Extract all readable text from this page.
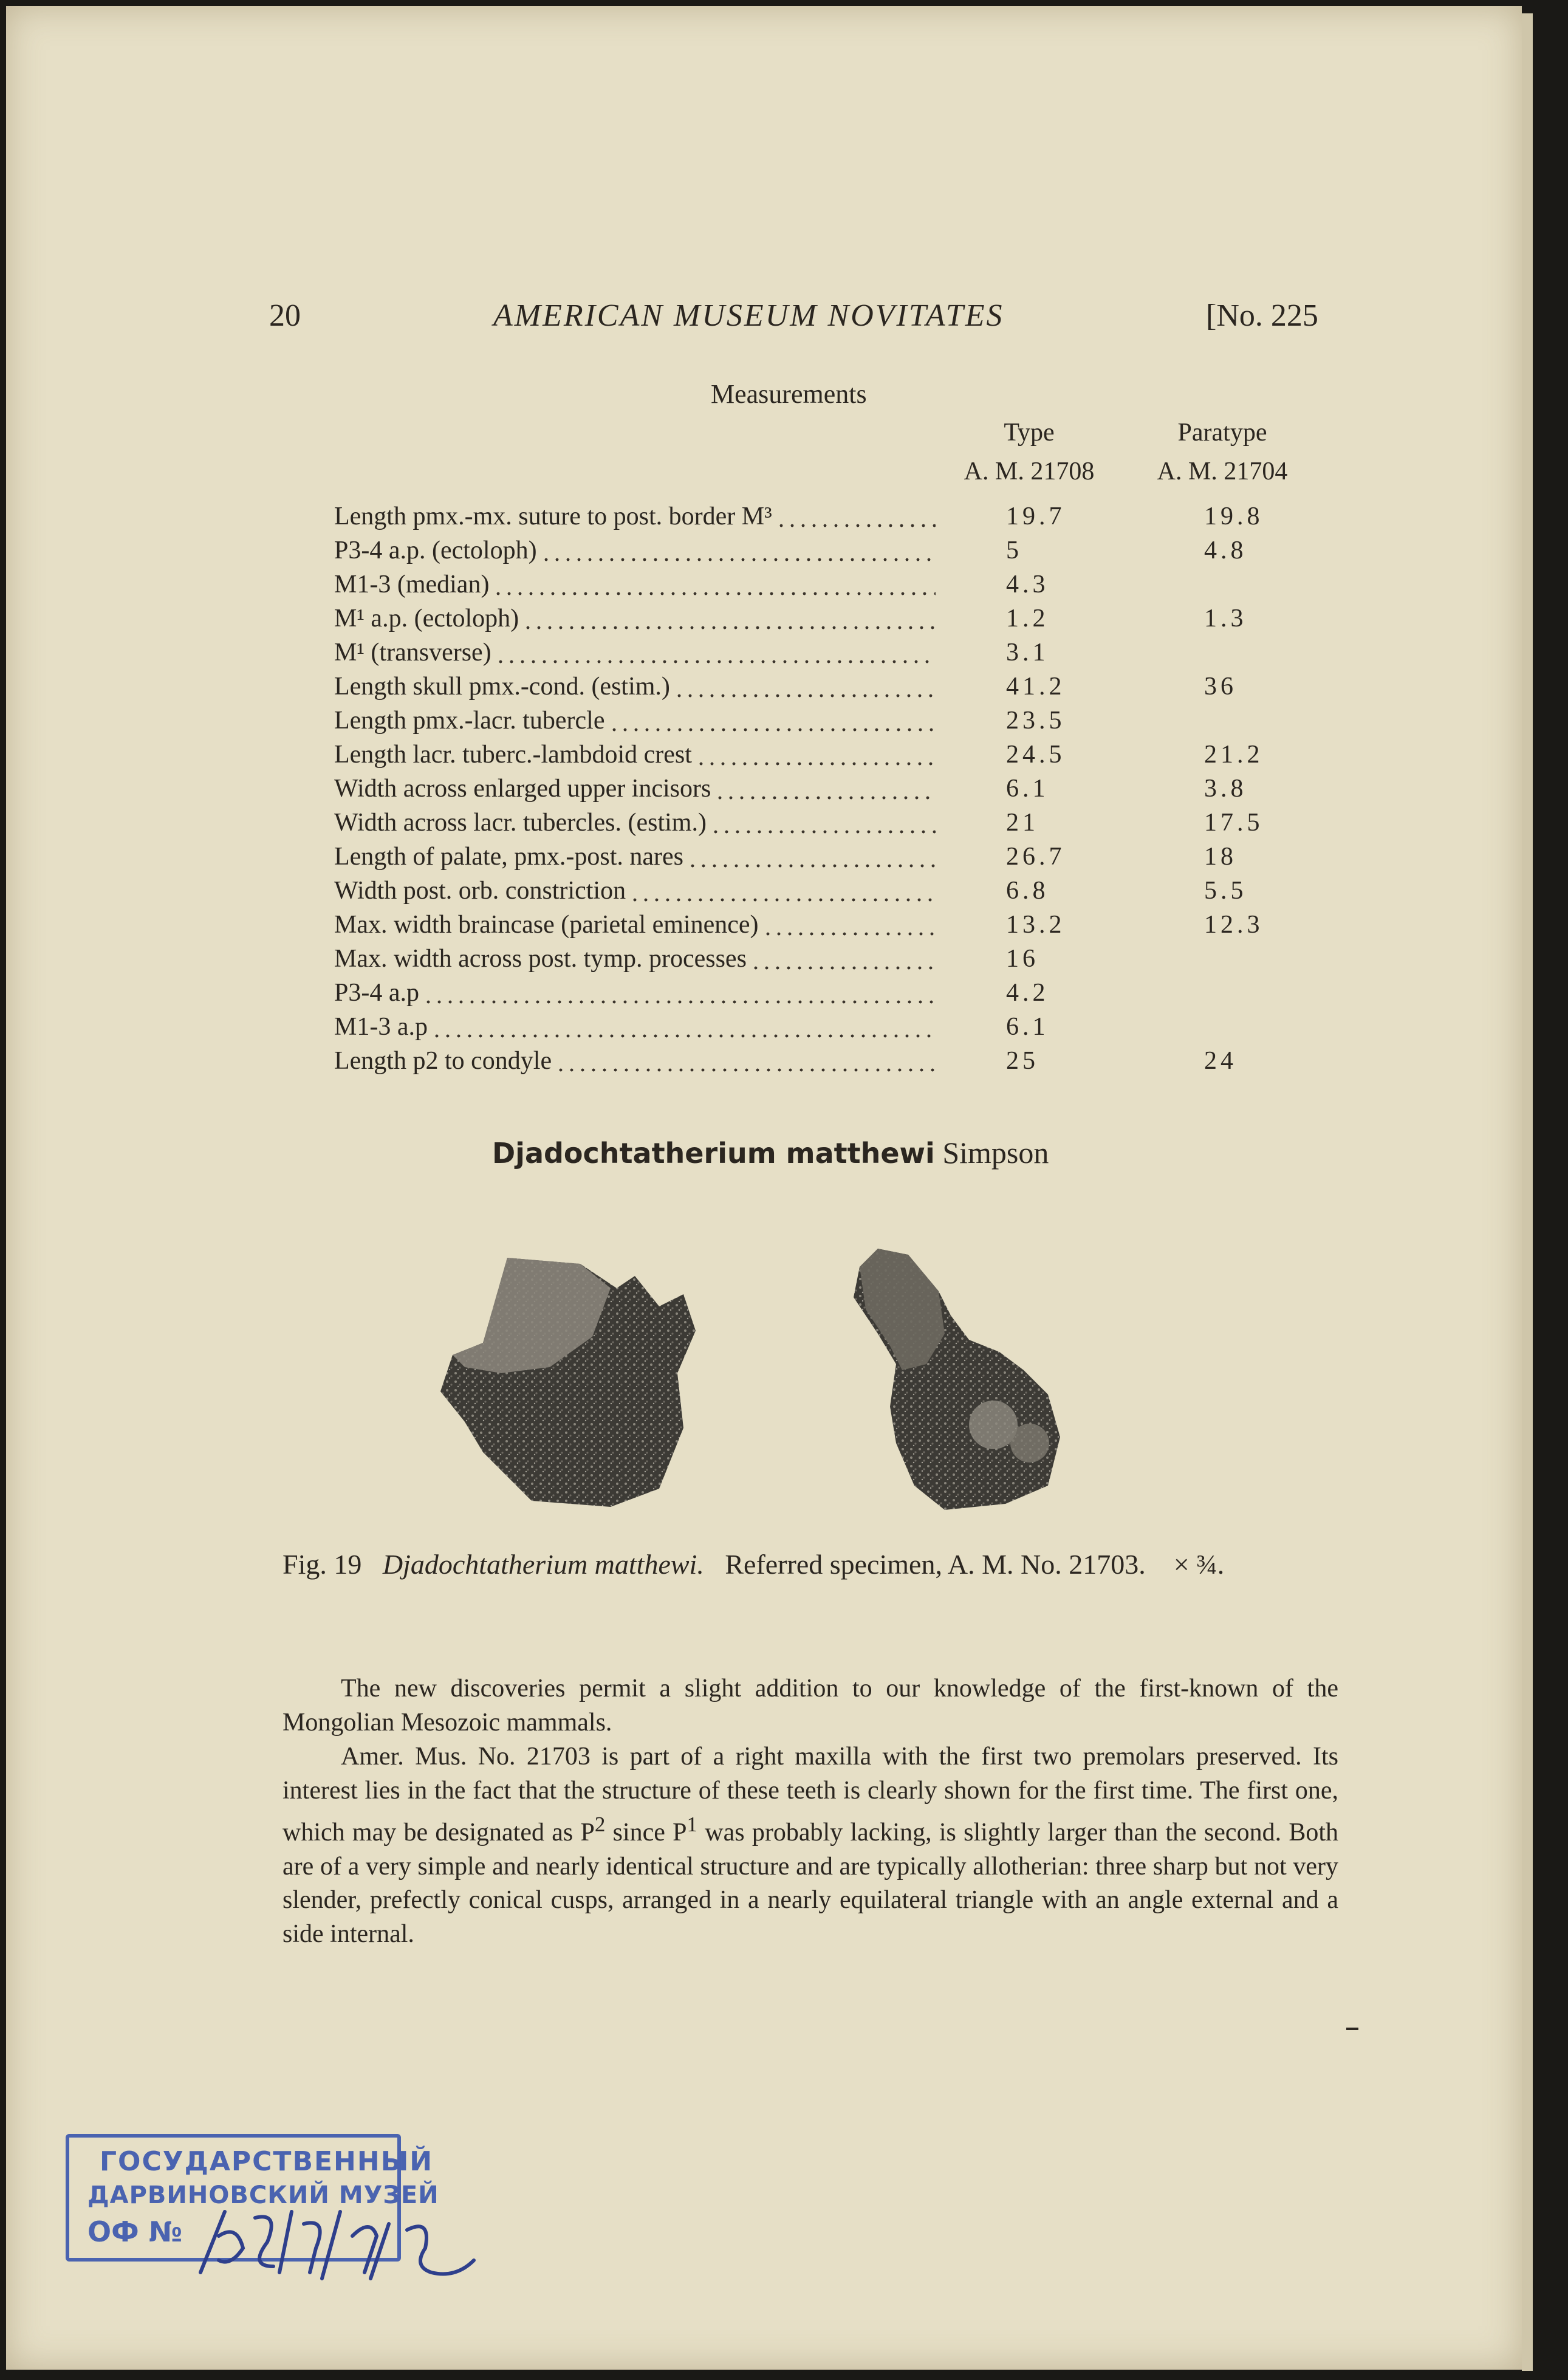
20	AMERICAN MUSEUM NOVITATES	[No. 225
Measurements
Type	Paratype
A. M. 21708	A. M. 21704
Length pmx.-mx. suture to post. border M³	19.7	19.8
P3-4 a.p. (ectoloph)	5	4.8
M1-3 (median)	4.3
M¹ a.p. (ectoloph)	1.2	1.3
M¹ (transverse)	3.1
Length skull pmx.-cond. (estim.)	41.2	36
Length pmx.-lacr. tubercle	23.5
Length lacr. tuberc.-lambdoid crest	24.5	21.2
Width across enlarged upper incisors	6.1	3.8
Width across lacr. tubercles. (estim.)	21	17.5
Length of palate, pmx.-post. nares	26.7	18
Width post. orb. constriction	6.8	5.5
Max. width braincase (parietal eminence)	13.2	12.3
Max. width across post. tymp. processes	16
P3-4 a.p	4.2
M1-3 a.p	6.1
Length p2 to condyle	25	24
Djadochtatherium matthewi Simpson
Fig. 19 Djadochtatherium matthewi. Referred specimen, A. M. No. 21703. × ¾.

The new discoveries permit a slight addition to our knowledge of the first-known of the Mongolian Mesozoic mammals.

Amer. Mus. No. 21703 is part of a right maxilla with the first two premolars preserved. Its interest lies in the fact that the structure of these teeth is clearly shown for the first time. The first one, which may be designated as $P^2$ since $P^1$ was probably lacking, is slightly larger than the second. Both are of a very simple and nearly identical structure and are typically allotherian: three sharp but not very slender, prefectly conical cusps, arranged in a nearly equilateral triangle with an angle external and a side internal.

ГОСУДАРСТВЕННЫЙ
ДАРВИНОВСКИЙ МУЗЕЙ
ОФ №
